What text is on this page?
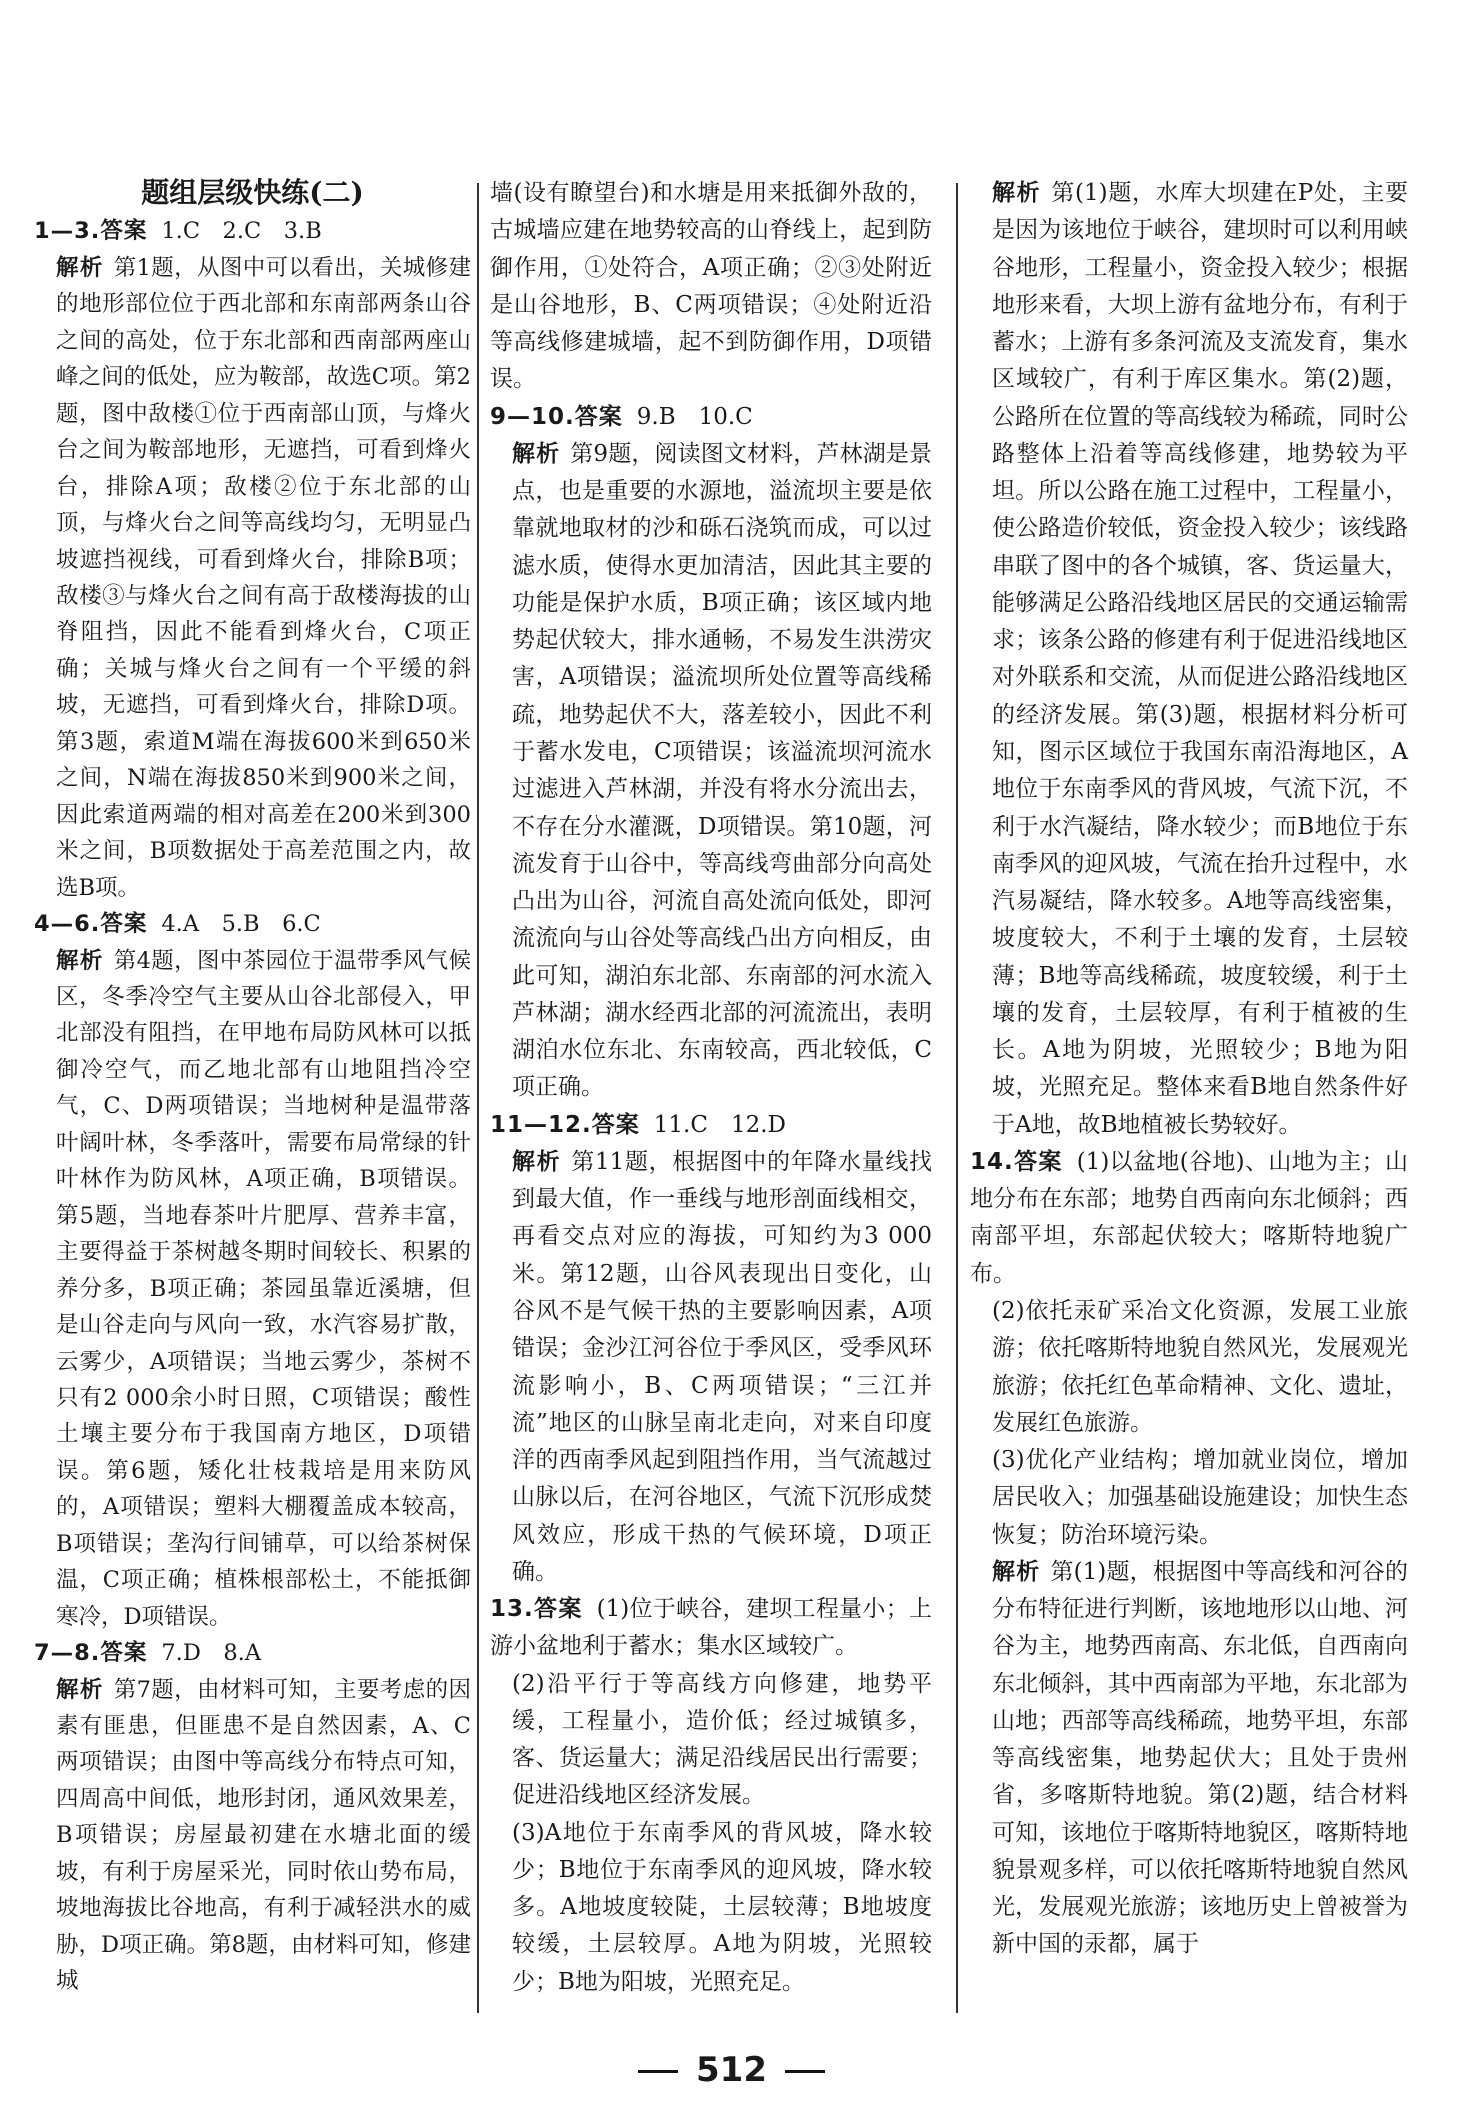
题组层级快练(二)
1—3.答案 1.C　2.C　3.B
解析 第1题，从图中可以看出，关城修建的地形部位位于西北部和东南部两条山谷之间的高处，位于东北部和西南部两座山峰之间的低处，应为鞍部，故选C项。第2题，图中敌楼①位于西南部山顶，与烽火台之间为鞍部地形，无遮挡，可看到烽火台，排除A项；敌楼②位于东北部的山顶，与烽火台之间等高线均匀，无明显凸坡遮挡视线，可看到烽火台，排除B项；敌楼③与烽火台之间有高于敌楼海拔的山脊阻挡，因此不能看到烽火台，C项正确；关城与烽火台之间有一个平缓的斜坡，无遮挡，可看到烽火台，排除D项。第3题，索道M端在海拔600米到650米之间，N端在海拔850米到900米之间，因此索道两端的相对高差在200米到300米之间，B项数据处于高差范围之内，故选B项。
4—6.答案 4.A　5.B　6.C
解析 第4题，图中茶园位于温带季风气候区，冬季冷空气主要从山谷北部侵入，甲北部没有阻挡，在甲地布局防风林可以抵御冷空气，而乙地北部有山地阻挡冷空气，C、D两项错误；当地树种是温带落叶阔叶林，冬季落叶，需要布局常绿的针叶林作为防风林，A项正确，B项错误。第5题，当地春茶叶片肥厚、营养丰富，主要得益于茶树越冬期时间较长、积累的养分多，B项正确；茶园虽靠近溪塘，但是山谷走向与风向一致，水汽容易扩散，云雾少，A项错误；当地云雾少，茶树不只有2 000余小时日照，C项错误；酸性土壤主要分布于我国南方地区，D项错误。第6题，矮化壮枝栽培是用来防风的，A项错误；塑料大棚覆盖成本较高，B项错误；垄沟行间铺草，可以给茶树保温，C项正确；植株根部松土，不能抵御寒冷，D项错误。
7—8.答案 7.D　8.A
解析 第7题，由材料可知，主要考虑的因素有匪患，但匪患不是自然因素，A、C两项错误；由图中等高线分布特点可知，四周高中间低，地形封闭，通风效果差，B项错误；房屋最初建在水塘北面的缓坡，有利于房屋采光，同时依山势布局，坡地海拔比谷地高，有利于减轻洪水的威胁，D项正确。第8题，由材料可知，修建城
墙(设有瞭望台)和水塘是用来抵御外敌的，古城墙应建在地势较高的山脊线上，起到防御作用，①处符合，A项正确；②③处附近是山谷地形，B、C两项错误；④处附近沿等高线修建城墙，起不到防御作用，D项错误。
9—10.答案 9.B　10.C
解析 第9题，阅读图文材料，芦林湖是景点，也是重要的水源地，溢流坝主要是依靠就地取材的沙和砾石浇筑而成，可以过滤水质，使得水更加清洁，因此其主要的功能是保护水质，B项正确；该区域内地势起伏较大，排水通畅，不易发生洪涝灾害，A项错误；溢流坝所处位置等高线稀疏，地势起伏不大，落差较小，因此不利于蓄水发电，C项错误；该溢流坝河流水过滤进入芦林湖，并没有将水分流出去，不存在分水灌溉，D项错误。第10题，河流发育于山谷中，等高线弯曲部分向高处凸出为山谷，河流自高处流向低处，即河流流向与山谷处等高线凸出方向相反，由此可知，湖泊东北部、东南部的河水流入芦林湖；湖水经西北部的河流流出，表明湖泊水位东北、东南较高，西北较低，C项正确。
11—12.答案 11.C　12.D
解析 第11题，根据图中的年降水量线找到最大值，作一垂线与地形剖面线相交，再看交点对应的海拔，可知约为3 000米。第12题，山谷风表现出日变化，山谷风不是气候干热的主要影响因素，A项错误；金沙江河谷位于季风区，受季风环流影响小，B、C两项错误；“三江并流”地区的山脉呈南北走向，对来自印度洋的西南季风起到阻挡作用，当气流越过山脉以后，在河谷地区，气流下沉形成焚风效应，形成干热的气候环境，D项正确。
13.答案 (1)位于峡谷，建坝工程量小；上游小盆地利于蓄水；集水区域较广。
(2)沿平行于等高线方向修建，地势平缓，工程量小，造价低；经过城镇多，客、货运量大；满足沿线居民出行需要；促进沿线地区经济发展。
(3)A地位于东南季风的背风坡，降水较少；B地位于东南季风的迎风坡，降水较多。A地坡度较陡，土层较薄；B地坡度较缓，土层较厚。A地为阴坡，光照较少；B地为阳坡，光照充足。
解析 第(1)题，水库大坝建在P处，主要是因为该地位于峡谷，建坝时可以利用峡谷地形，工程量小，资金投入较少；根据地形来看，大坝上游有盆地分布，有利于蓄水；上游有多条河流及支流发育，集水区域较广，有利于库区集水。第(2)题，公路所在位置的等高线较为稀疏，同时公路整体上沿着等高线修建，地势较为平坦。所以公路在施工过程中，工程量小，使公路造价较低，资金投入较少；该线路串联了图中的各个城镇，客、货运量大，能够满足公路沿线地区居民的交通运输需求；该条公路的修建有利于促进沿线地区对外联系和交流，从而促进公路沿线地区的经济发展。第(3)题，根据材料分析可知，图示区域位于我国东南沿海地区，A地位于东南季风的背风坡，气流下沉，不利于水汽凝结，降水较少；而B地位于东南季风的迎风坡，气流在抬升过程中，水汽易凝结，降水较多。A地等高线密集，坡度较大，不利于土壤的发育，土层较薄；B地等高线稀疏，坡度较缓，利于土壤的发育，土层较厚，有利于植被的生长。A地为阴坡，光照较少；B地为阳坡，光照充足。整体来看B地自然条件好于A地，故B地植被长势较好。
14.答案 (1)以盆地(谷地)、山地为主；山地分布在东部；地势自西南向东北倾斜；西南部平坦，东部起伏较大；喀斯特地貌广布。
(2)依托汞矿采冶文化资源，发展工业旅游；依托喀斯特地貌自然风光，发展观光旅游；依托红色革命精神、文化、遗址，发展红色旅游。
(3)优化产业结构；增加就业岗位，增加居民收入；加强基础设施建设；加快生态恢复；防治环境污染。
解析 第(1)题，根据图中等高线和河谷的分布特征进行判断，该地地形以山地、河谷为主，地势西南高、东北低，自西南向东北倾斜，其中西南部为平地，东北部为山地；西部等高线稀疏，地势平坦，东部等高线密集，地势起伏大；且处于贵州省，多喀斯特地貌。第(2)题，结合材料可知，该地位于喀斯特地貌区，喀斯特地貌景观多样，可以依托喀斯特地貌自然风光，发展观光旅游；该地历史上曾被誉为新中国的汞都，属于
512
